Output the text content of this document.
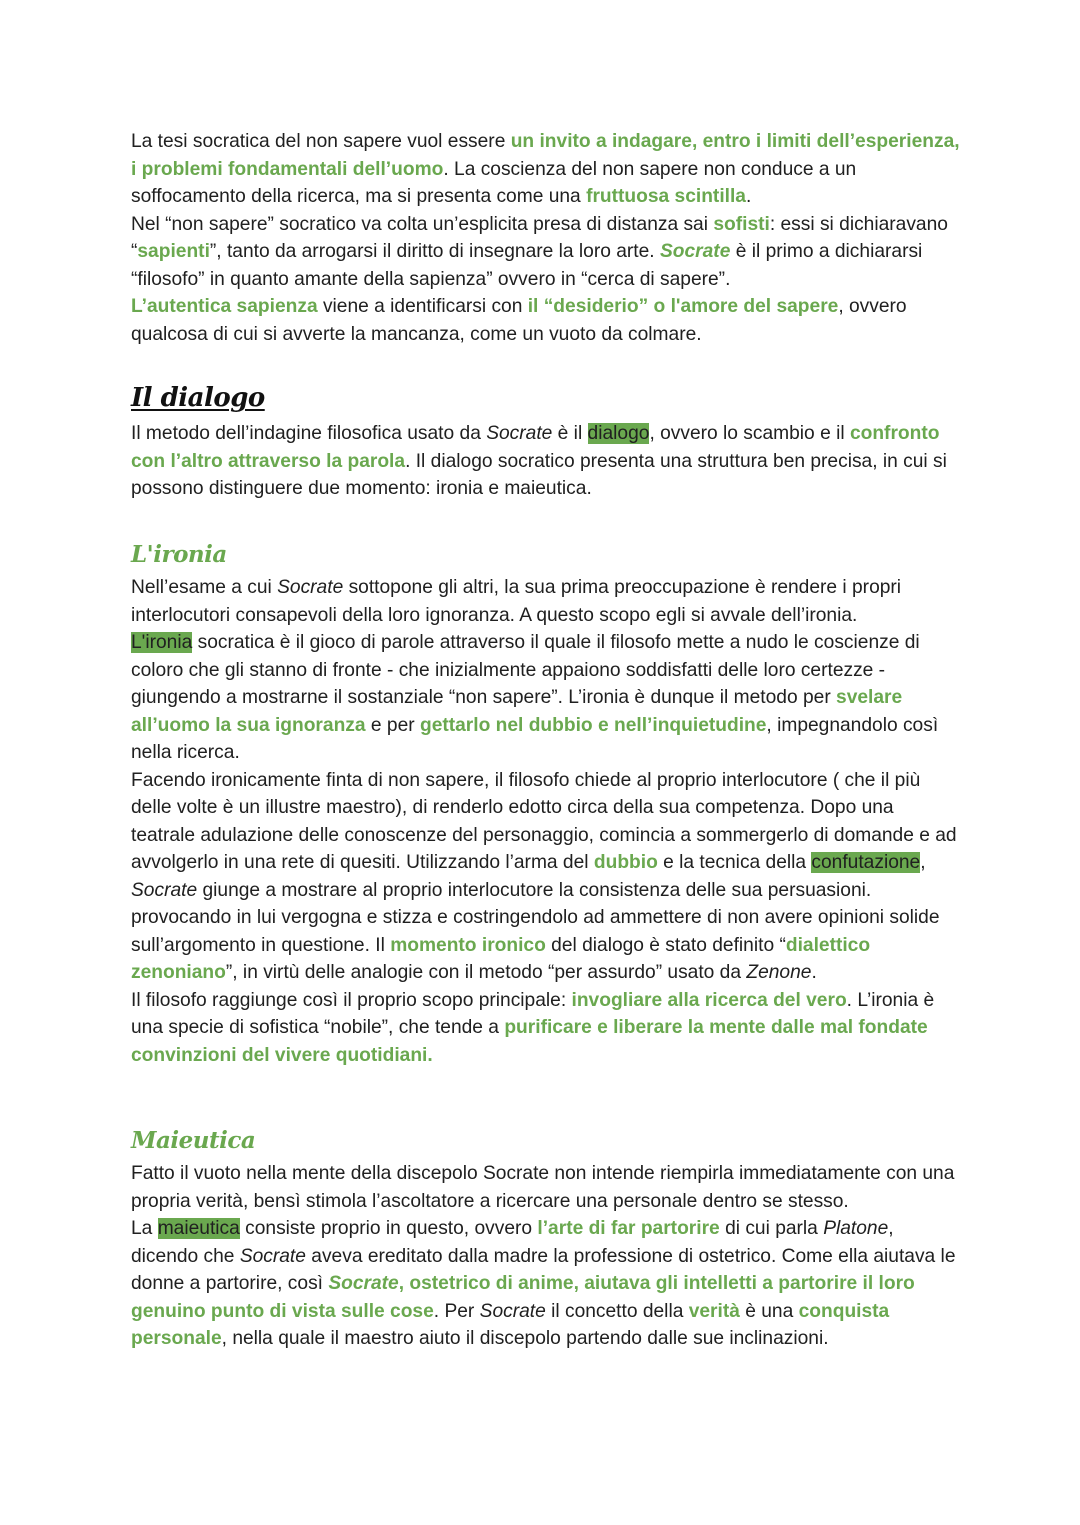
La tesi socratica del non sapere vuol essere un invito a indagare, entro i limiti dell’esperienza, i problemi fondamentali dell’uomo. La coscienza del non sapere non conduce a un soffocamento della ricerca, ma si presenta come una fruttuosa scintilla.

Nel “non sapere” socratico va colta un’esplicita presa di distanza sai sofisti: essi si dichiaravano “sapienti”, tanto da arrogarsi il diritto di insegnare la loro arte. Socrate è il primo a dichiararsi “filosofo” in quanto amante della sapienza” ovvero in “cerca di sapere”.

L’autentica sapienza viene a identificarsi con il “desiderio” o l'amore del sapere, ovvero qualcosa di cui si avverte la mancanza, come un vuoto da colmare.

Il dialogo

Il metodo dell’indagine filosofica usato da Socrate è il dialogo, ovvero lo scambio e il confronto con l’altro attraverso la parola. Il dialogo socratico presenta una struttura ben precisa, in cui si possono distinguere due momento: ironia e maieutica.

L'ironia

Nell’esame a cui Socrate sottopone gli altri, la sua prima preoccupazione è rendere i propri interlocutori consapevoli della loro ignoranza. A questo scopo egli si avvale dell’ironia.

L'ironia socratica è il gioco di parole attraverso il quale il filosofo mette a nudo le coscienze di coloro che gli stanno di fronte - che inizialmente appaiono soddisfatti delle loro certezze - giungendo a mostrarne il sostanziale “non sapere”. L’ironia è dunque il metodo per svelare all’uomo la sua ignoranza e per gettarlo nel dubbio e nell’inquietudine, impegnandolo così nella ricerca.

Facendo ironicamente finta di non sapere, il filosofo chiede al proprio interlocutore ( che il più delle volte è un illustre maestro), di renderlo edotto circa della sua competenza. Dopo una teatrale adulazione delle conoscenze del personaggio, comincia a sommergerlo di domande e ad avvolgerlo in una rete di quesiti. Utilizzando l’arma del dubbio e la tecnica della confutazione, Socrate giunge a mostrare al proprio interlocutore la consistenza delle sua persuasioni. provocando in lui vergogna e stizza e costringendolo ad ammettere di non avere opinioni solide sull’argomento in questione. Il momento ironico del dialogo è stato definito “dialettico zenoniano”, in virtù delle analogie con il metodo “per assurdo” usato da Zenone.

Il filosofo raggiunge così il proprio scopo principale: invogliare alla ricerca del vero. L’ironia è una specie di sofistica “nobile”, che tende a purificare e liberare la mente dalle mal fondate convinzioni del vivere quotidiani.

Maieutica

Fatto il vuoto nella mente della discepolo Socrate non intende riempirla immediatamente con una propria verità, bensì stimola l’ascoltatore a ricercare una personale dentro se stesso.

La maieutica consiste proprio in questo, ovvero l’arte di far partorire di cui parla Platone, dicendo che Socrate aveva ereditato dalla madre la professione di ostetrico. Come ella aiutava le donne a partorire, così Socrate, ostetrico di anime, aiutava gli intelletti a partorire il loro genuino punto di vista sulle cose. Per Socrate il concetto della verità è una conquista personale, nella quale il maestro aiuto il discepolo partendo dalle sue inclinazioni.
